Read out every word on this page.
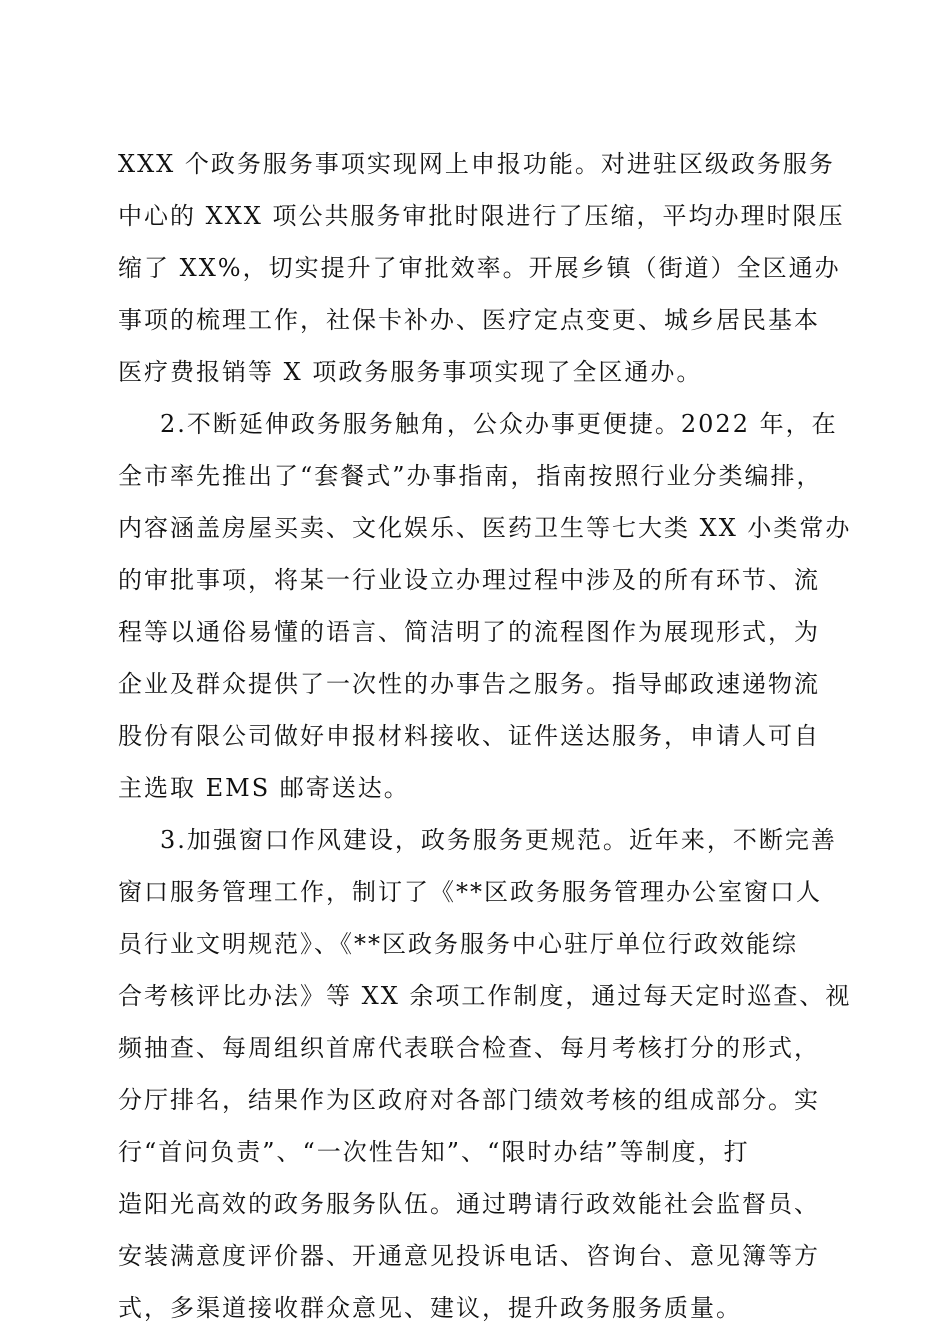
XXX 个政务服务事项实现网上申报功能。对进驻区级政务服务
中心的 XXX 项公共服务审批时限进行了压缩，平均办理时限压
缩了 XX%，切实提升了审批效率。开展乡镇（街道）全区通办
事项的梳理工作，社保卡补办、医疗定点变更、城乡居民基本
医疗费报销等 X 项政务服务事项实现了全区通办。
2.不断延伸政务服务触角，公众办事更便捷。2022 年，在
全市率先推出了“套餐式”办事指南，指南按照行业分类编排，
内容涵盖房屋买卖、文化娱乐、医药卫生等七大类 XX 小类常办
的审批事项，将某一行业设立办理过程中涉及的所有环节、流
程等以通俗易懂的语言、简洁明了的流程图作为展现形式，为
企业及群众提供了一次性的办事告之服务。指导邮政速递物流
股份有限公司做好申报材料接收、证件送达服务，申请人可自
主选取 EMS 邮寄送达。
3.加强窗口作风建设，政务服务更规范。近年来，不断完善
窗口服务管理工作，制订了《**区政务服务管理办公室窗口人
员行业文明规范》、《**区政务服务中心驻厅单位行政效能综
合考核评比办法》等 XX 余项工作制度，通过每天定时巡查、视
频抽查、每周组织首席代表联合检查、每月考核打分的形式，
分厅排名，结果作为区政府对各部门绩效考核的组成部分。实
行“首问负责”、“一次性告知”、“限时办结”等制度，打
造阳光高效的政务服务队伍。通过聘请行政效能社会监督员、
安装满意度评价器、开通意见投诉电话、咨询台、意见簿等方
式，多渠道接收群众意见、建议，提升政务服务质量。
